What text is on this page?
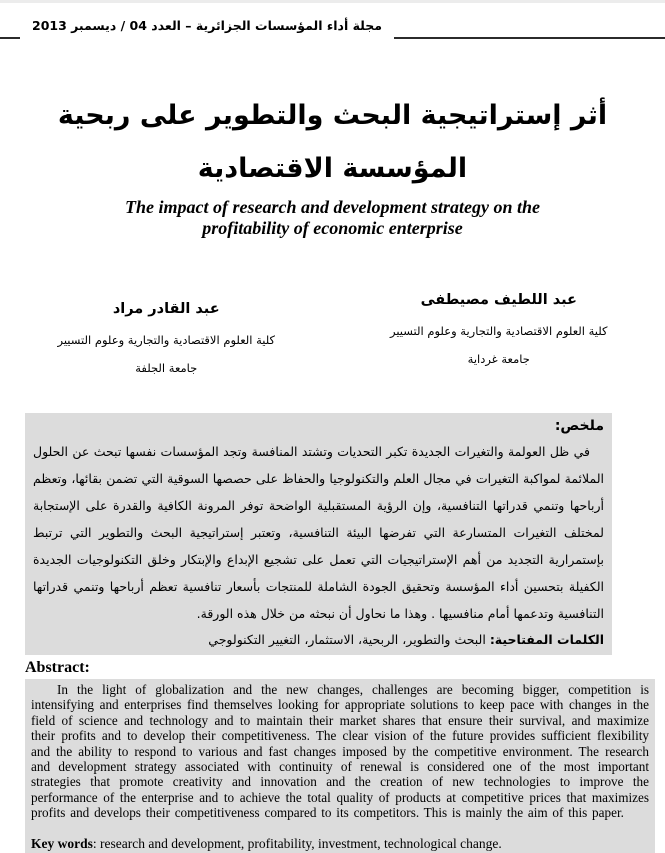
مجلة أداء المؤسسات الجزائرية – العدد 04 / ديسمبر 2013
أثر إستراتيجية البحث والتطوير على ربحية
المؤسسة الاقتصادية
The impact of research and development strategy on the profitability of economic enterprise
عبد اللطيف مصيطفى
كلية العلوم الاقتصادية والتجارية وعلوم التسيير
جامعة غرداية
عبد القادر مراد
كلية العلوم الاقتصادية والتجارية وعلوم التسيير
جامعة الجلفة
ملخص:

في ظل العولمة والتغيرات الجديدة تكبر التحديات وتشتد المنافسة وتجد المؤسسات نفسها تبحث عن الحلول الملائمة لمواكبة التغيرات في مجال العلم والتكنولوجيا والحفاظ على حصصها السوقية التي تضمن بقائها، وتعظم أرباحها وتنمي قدراتها التنافسية، وإن الرؤية المستقبلية الواضحة توفر المرونة الكافية والقدرة على الإستجابة لمختلف التغيرات المتسارعة التي تفرضها البيئة التنافسية، وتعتبر إستراتيجية البحث والتطوير التي ترتبط بإستمرارية التجديد من أهم الإستراتيجيات التي تعمل على تشجيع الإبداع والإبتكار وخلق التكنولوجيات الجديدة الكفيلة بتحسين أداء المؤسسة وتحقيق الجودة الشاملة للمنتجات بأسعار تنافسية تعظم أرباحها وتنمي قدراتها التنافسية وتدعمها أمام منافسيها . وهذا ما نحاول أن نبحثه من خلال هذه الورقة.

الكلمات المفتاحية: البحث والتطوير، الربحية، الاستثمار، التغيير التكنولوجي
Abstract:

In the light of globalization and the new changes, challenges are becoming bigger, competition is intensifying and enterprises find themselves looking for appropriate solutions to keep pace with changes in the field of science and technology and to maintain their market shares that ensure their survival, and maximize their profits and to develop their competitiveness. The clear vision of the future provides sufficient flexibility and the ability to respond to various and fast changes imposed by the competitive environment. The research and development strategy associated with continuity of renewal is considered one of the most important strategies that promote creativity and innovation and the creation of new technologies to improve the performance of the enterprise and to achieve the total quality of products at competitive prices that maximizes profits and develops their competitiveness compared to its competitors. This is mainly the aim of this paper.

Key words: research and development, profitability, investment, technological change.
